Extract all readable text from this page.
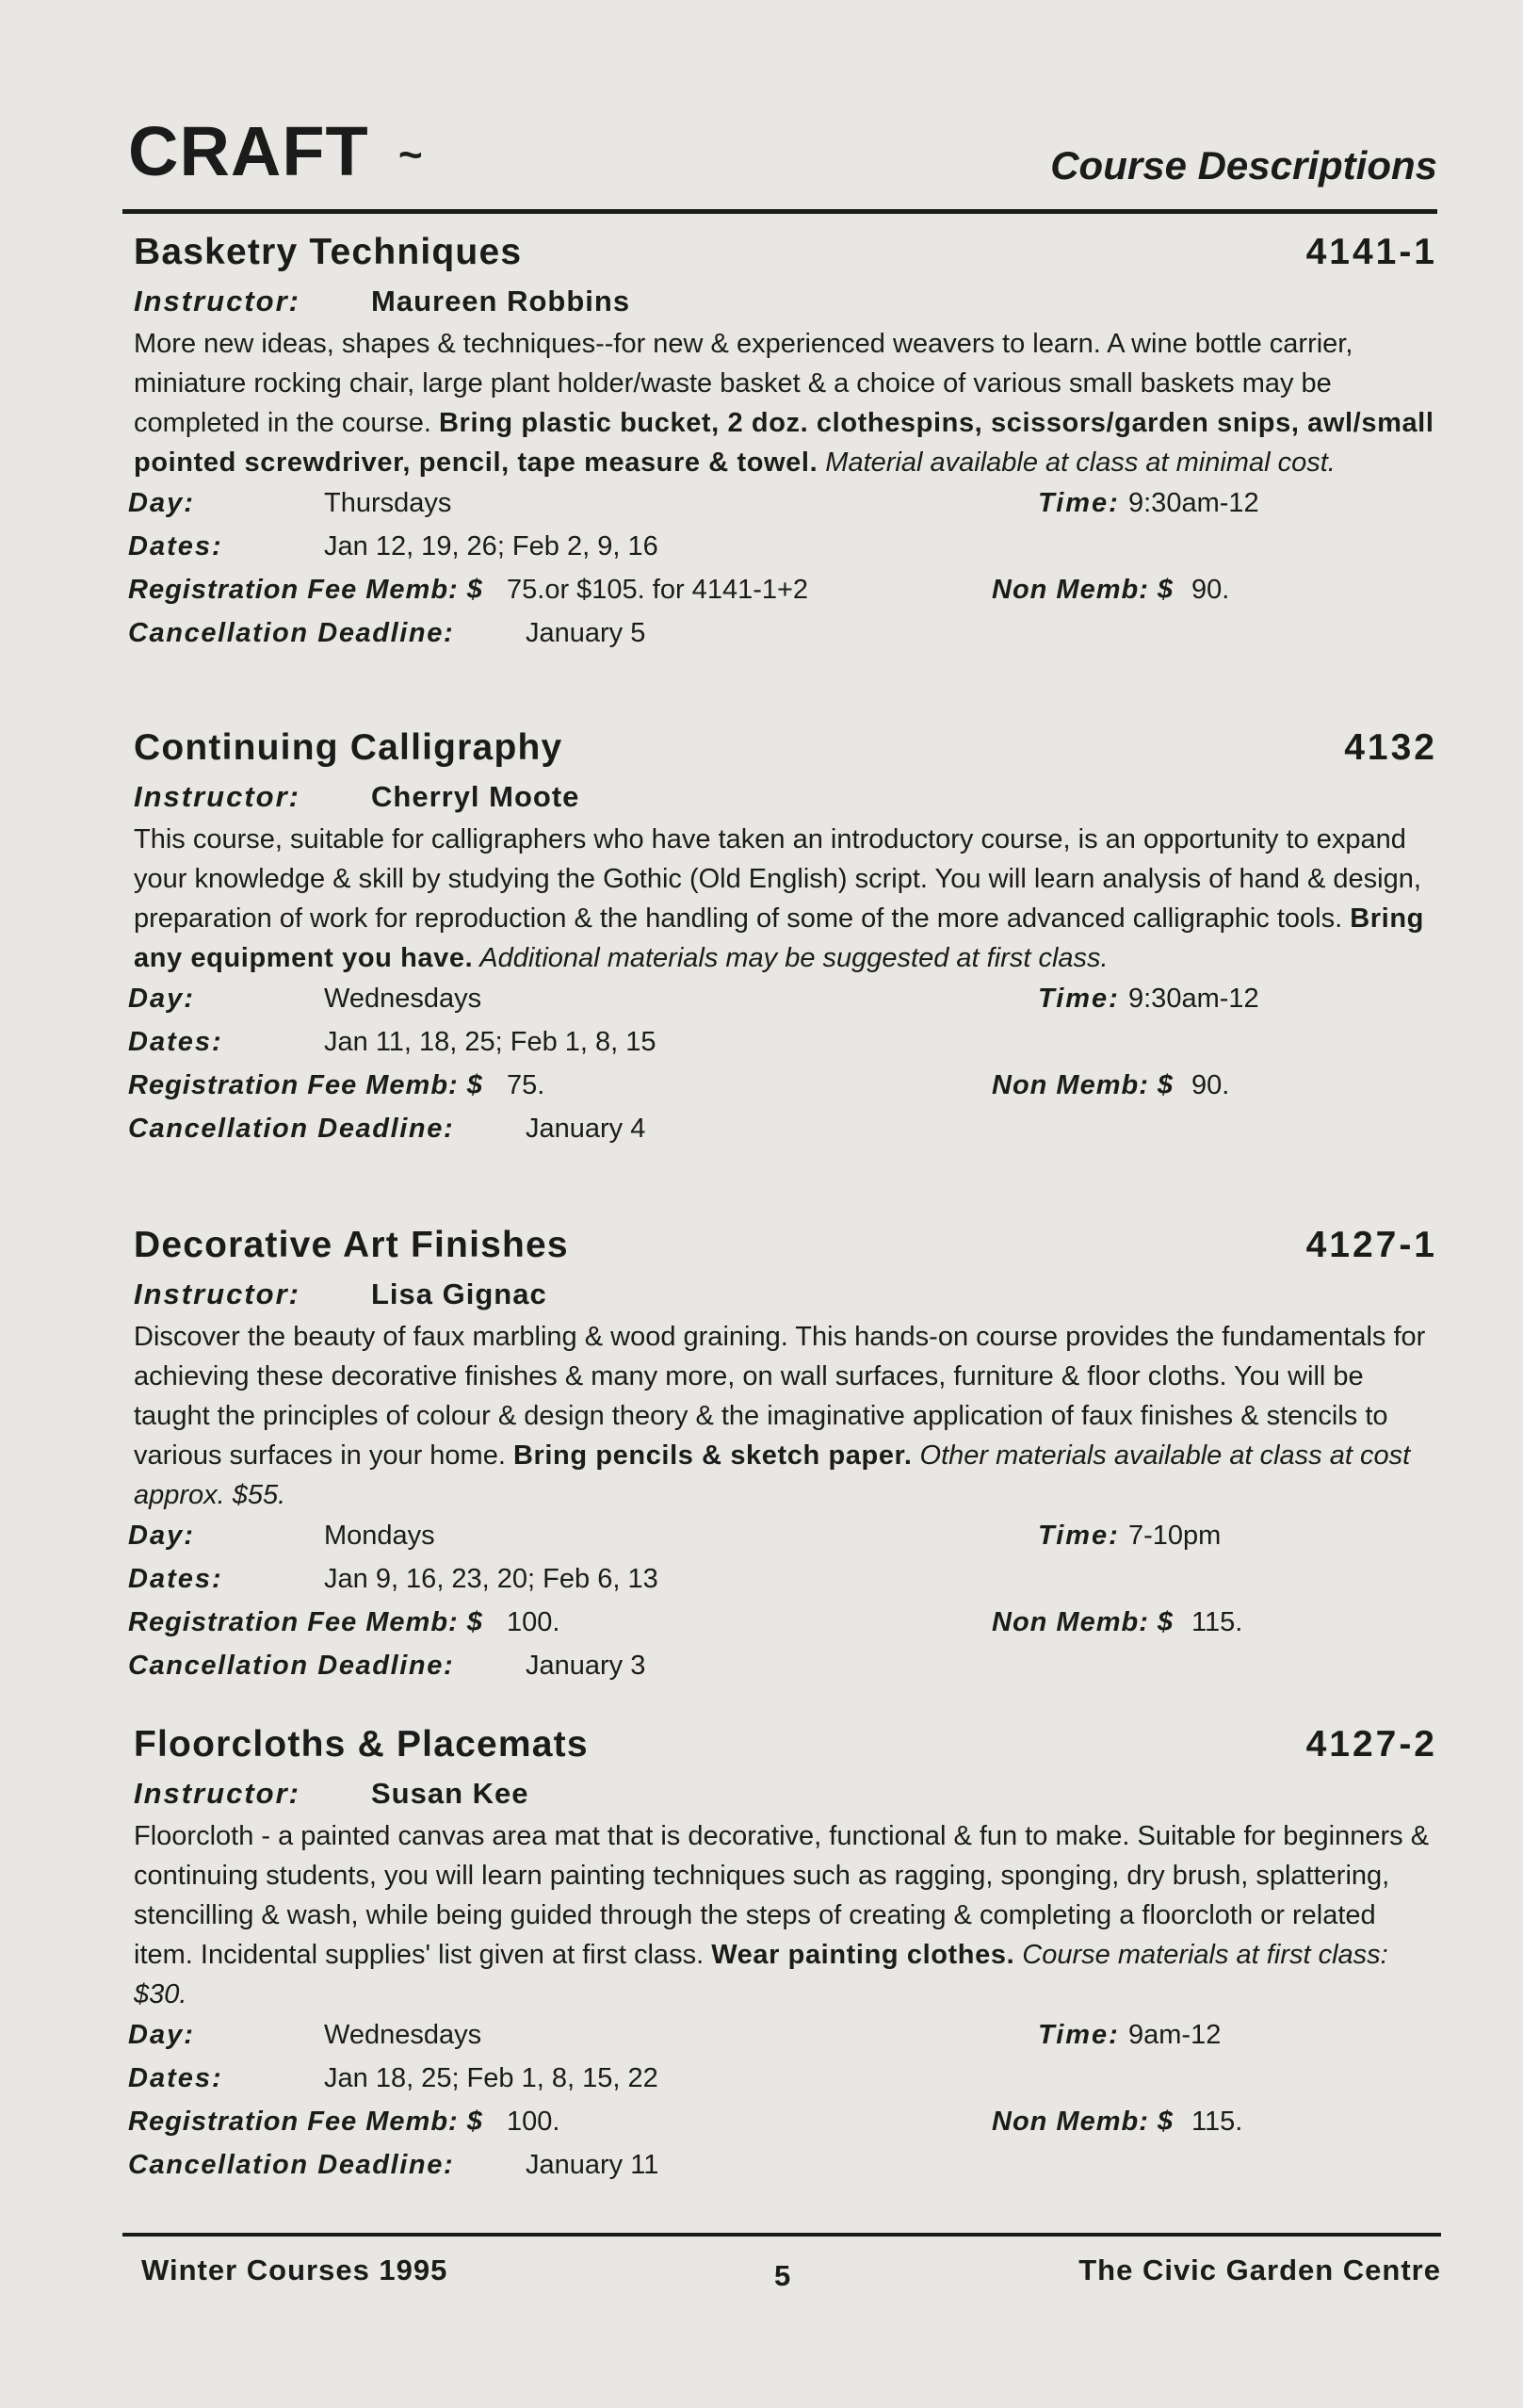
CRAFT ~	Course Descriptions
Basketry Techniques	4141-1
Instructor: Maureen Robbins

More new ideas, shapes & techniques--for new & experienced weavers to learn. A wine bottle carrier, miniature rocking chair, large plant holder/waste basket & a choice of various small baskets may be completed in the course. Bring plastic bucket, 2 doz. clothespins, scissors/garden snips, awl/small pointed screwdriver, pencil, tape measure & towel. Material available at class at minimal cost.

Day:	Thursdays	Time: 9:30am-12
Dates:	Jan 12, 19, 26; Feb 2, 9, 16
Registration Fee Memb: $ 75.or $105. for 4141-1+2	Non Memb: $ 90.
Cancellation Deadline:	January 5
Continuing Calligraphy	4132
Instructor: Cherryl Moote

This course, suitable for calligraphers who have taken an introductory course, is an opportunity to expand your knowledge & skill by studying the Gothic (Old English) script. You will learn analysis of hand & design, preparation of work for reproduction & the handling of some of the more advanced calligraphic tools. Bring any equipment you have. Additional materials may be suggested at first class.

Day:	Wednesdays	Time: 9:30am-12
Dates:	Jan 11, 18, 25; Feb 1, 8, 15
Registration Fee Memb: $ 75.	Non Memb: $ 90.
Cancellation Deadline:	January 4
Decorative Art Finishes	4127-1
Instructor: Lisa Gignac

Discover the beauty of faux marbling & wood graining. This hands-on course provides the fundamentals for achieving these decorative finishes & many more, on wall surfaces, furniture & floor cloths. You will be taught the principles of colour & design theory & the imaginative application of faux finishes & stencils to various surfaces in your home. Bring pencils & sketch paper. Other materials available at class at cost approx. $55.

Day:	Mondays	Time: 7-10pm
Dates:	Jan 9, 16, 23, 20; Feb 6, 13
Registration Fee Memb: $ 100.	Non Memb: $ 115.
Cancellation Deadline:	January 3
Floorcloths & Placemats	4127-2
Instructor: Susan Kee

Floorcloth - a painted canvas area mat that is decorative, functional & fun to make. Suitable for beginners & continuing students, you will learn painting techniques such as ragging, sponging, dry brush, splattering, stencilling & wash, while being guided through the steps of creating & completing a floorcloth or related item. Incidental supplies' list given at first class. Wear painting clothes. Course materials at first class: $30.

Day:	Wednesdays	Time: 9am-12
Dates:	Jan 18, 25; Feb 1, 8, 15, 22
Registration Fee Memb: $ 100.	Non Memb: $ 115.
Cancellation Deadline:	January 11
Winter Courses 1995	5	The Civic Garden Centre
